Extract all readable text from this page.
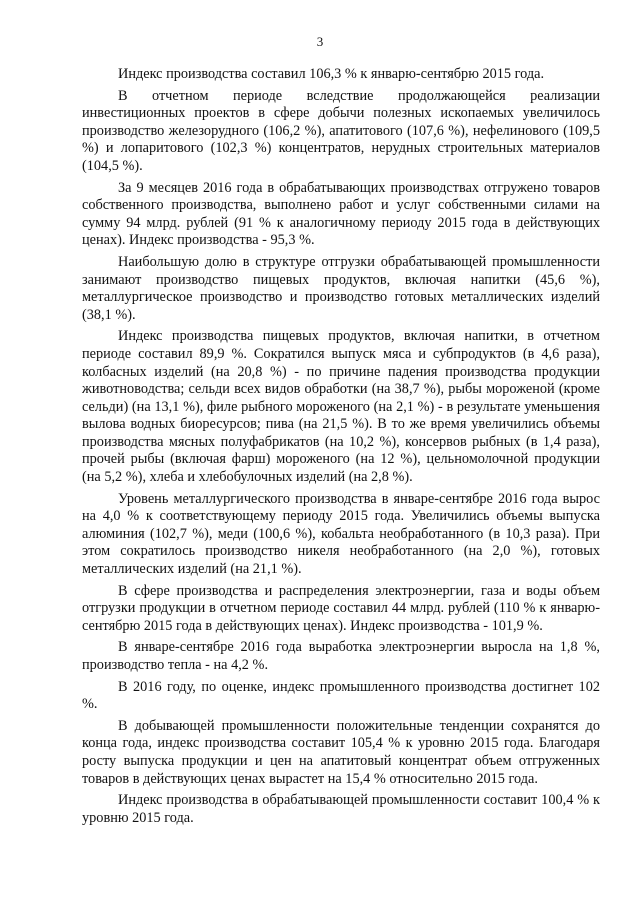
3

Индекс производства составил 106,3 % к январю-сентябрю 2015 года.

В отчетном периоде вследствие продолжающейся реализации инвестиционных проектов в сфере добычи полезных ископаемых увеличилось производство железорудного (106,2 %), апатитового (107,6 %), нефелинового (109,5 %) и лопаритового (102,3 %) концентратов, нерудных строительных материалов (104,5 %).

За 9 месяцев 2016 года в обрабатывающих производствах отгружено товаров собственного производства, выполнено работ и услуг собственными силами на сумму 94 млрд. рублей (91 % к аналогичному периоду 2015 года в действующих ценах). Индекс производства - 95,3 %.

Наибольшую долю в структуре отгрузки обрабатывающей промышленности занимают производство пищевых продуктов, включая напитки (45,6 %), металлургическое производство и производство готовых металлических изделий (38,1 %).

Индекс производства пищевых продуктов, включая напитки, в отчетном периоде составил 89,9 %. Сократился выпуск мяса и субпродуктов (в 4,6 раза), колбасных изделий (на 20,8 %) - по причине падения производства продукции животноводства; сельди всех видов обработки (на 38,7 %), рыбы мороженой (кроме сельди) (на 13,1 %), филе рыбного мороженого (на 2,1 %) - в результате уменьшения вылова водных биоресурсов; пива (на 21,5 %). В то же время увеличились объемы производства мясных полуфабрикатов (на 10,2 %), консервов рыбных (в 1,4 раза), прочей рыбы (включая фарш) мороженого (на 12 %), цельномолочной продукции (на 5,2 %), хлеба и хлебобулочных изделий (на 2,8 %).

Уровень металлургического производства в январе-сентябре 2016 года вырос на 4,0 % к соответствующему периоду 2015 года. Увеличились объемы выпуска алюминия (102,7 %), меди (100,6 %), кобальта необработанного (в 10,3 раза). При этом сократилось производство никеля необработанного (на 2,0 %), готовых металлических изделий (на 21,1 %).

В сфере производства и распределения электроэнергии, газа и воды объем отгрузки продукции в отчетном периоде составил 44 млрд. рублей (110 % к январю-сентябрю 2015 года в действующих ценах). Индекс производства - 101,9 %.

В январе-сентябре 2016 года выработка электроэнергии выросла на 1,8 %, производство тепла - на 4,2 %.

В 2016 году, по оценке, индекс промышленного производства достигнет 102 %.

В добывающей промышленности положительные тенденции сохранятся до конца года, индекс производства составит 105,4 % к уровню 2015 года. Благодаря росту выпуска продукции и цен на апатитовый концентрат объем отгруженных товаров в действующих ценах вырастет на 15,4 % относительно 2015 года.

Индекс производства в обрабатывающей промышленности составит 100,4 % к уровню 2015 года.
